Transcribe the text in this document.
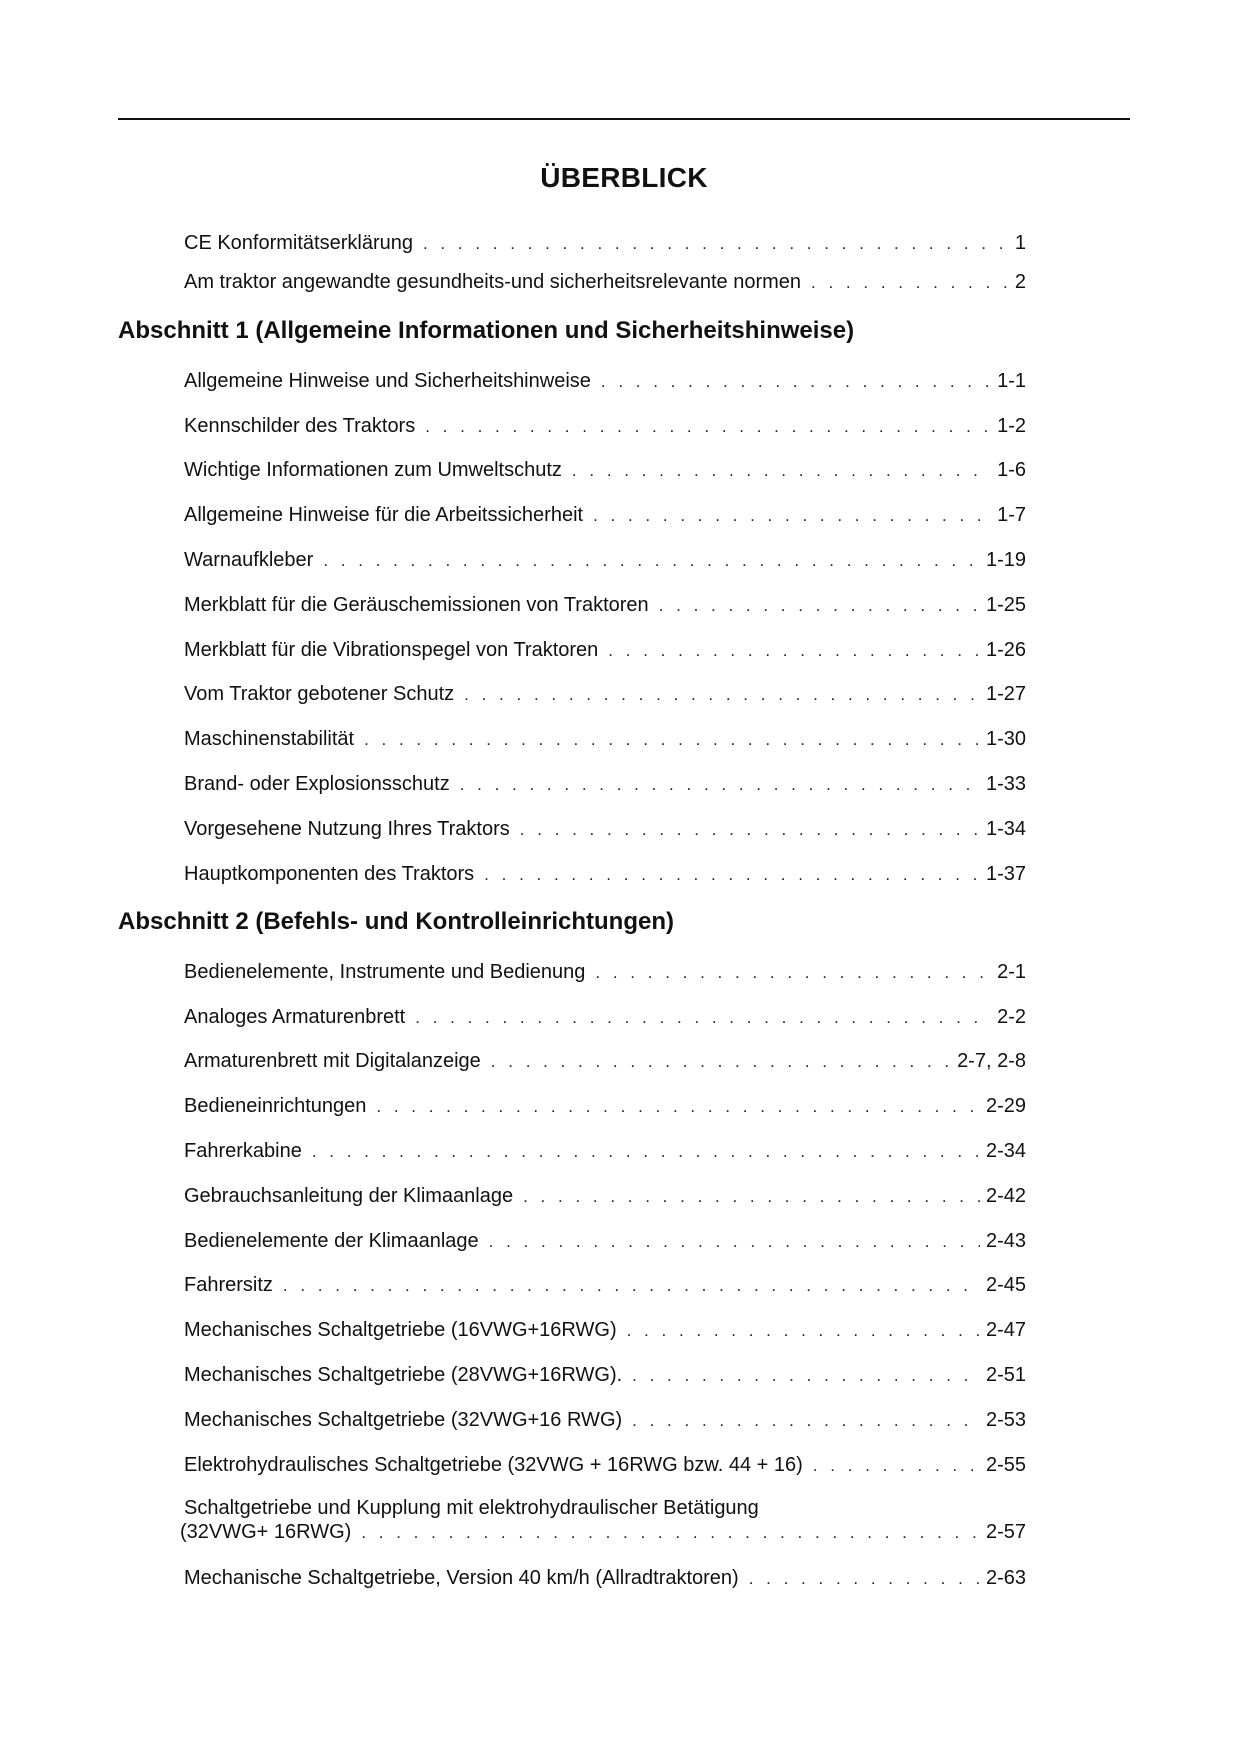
ÜBERBLICK
CE Konformitätserklärung . . .	1
Am traktor angewandte gesundheits-und sicherheitsrelevante normen . . .	2
Abschnitt 1 (Allgemeine Informationen und Sicherheitshinweise)
Allgemeine Hinweise und Sicherheitshinweise . . .	1-1
Kennschilder des Traktors . . .	1-2
Wichtige Informationen zum Umweltschutz . . .	1-6
Allgemeine Hinweise für die Arbeitssicherheit . . .	1-7
Warnaufkleber . . .	1-19
Merkblatt für die Geräuschemissionen von Traktoren . . .	1-25
Merkblatt für die Vibrationspegel von Traktoren . . .	1-26
Vom Traktor gebotener Schutz . . .	1-27
Maschinenstabilität . . .	1-30
Brand- oder Explosionsschutz . . .	1-33
Vorgesehene Nutzung Ihres Traktors . . .	1-34
Hauptkomponenten des Traktors . . .	1-37
Abschnitt 2 (Befehls- und Kontrolleinrichtungen)
Bedienelemente, Instrumente und Bedienung . . .	2-1
Analoges Armaturenbrett . . .	2-2
Armaturenbrett mit Digitalanzeige . . .	2-7, 2-8
Bedieneinrichtungen . . .	2-29
Fahrerkabine . . .	2-34
Gebrauchsanleitung der Klimaanlage . . .	2-42
Bedienelemente der Klimaanlage . . .	2-43
Fahrersitz . . .	2-45
Mechanisches Schaltgetriebe (16VWG+16RWG) . . .	2-47
Mechanisches Schaltgetriebe (28VWG+16RWG). . . .	2-51
Mechanisches Schaltgetriebe (32VWG+16 RWG) . . .	2-53
Elektrohydraulisches Schaltgetriebe (32VWG + 16RWG bzw. 44 + 16) . . .	2-55
Schaltgetriebe und Kupplung mit elektrohydraulischer Betätigung
(32VWG+ 16RWG) . . .	2-57
Mechanische Schaltgetriebe, Version 40 km/h (Allradtraktoren) . . .	2-63
